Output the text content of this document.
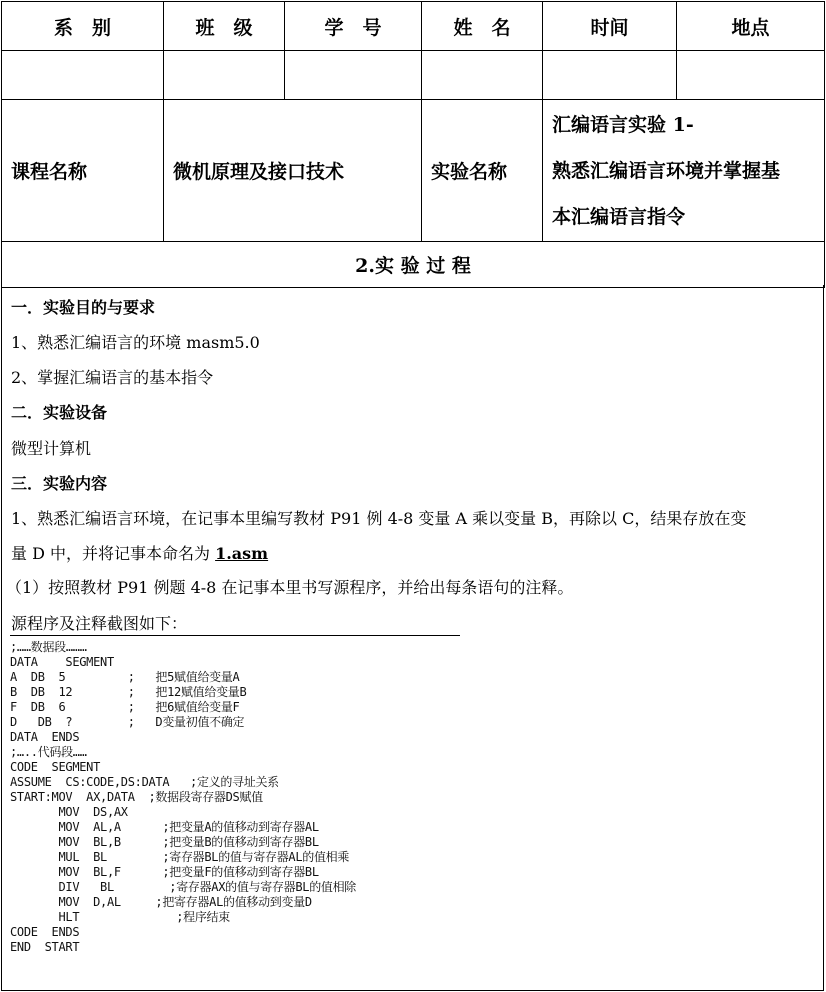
系　别	班　级	学　号	姓　名	时间	地点

课程名称	微机原理及接口技术		实验名称	汇编语言实验 1-
熟悉汇编语言环境并掌握基
本汇编语言指令	

2.实 验 过 程					
一．实验目的与要求
1、熟悉汇编语言的环境 masm5.0
2、掌握汇编语言的基本指令
二．实验设备
微型计算机
三．实验内容
1、熟悉汇编语言环境，在记事本里编写教材 P91 例 4-8 变量 A 乘以变量 B，再除以 C，结果存放在变
量 D 中，并将记事本命名为 1.asm
（1）按照教材 P91 例题 4-8 在记事本里书写源程序，并给出每条语句的注释。
源程序及注释截图如下：
;……数据段………
DATA    SEGMENT
A  DB  5         ;   把5赋值给变量A
B  DB  12        ;   把12赋值给变量B
F  DB  6         ;   把6赋值给变量F
D   DB  ?        ;   D变量初值不确定
DATA  ENDS
;…..代码段……
CODE  SEGMENT
ASSUME  CS:CODE,DS:DATA   ;定义的寻址关系
START:MOV  AX,DATA  ;数据段寄存器DS赋值
MOV  DS,AX
MOV  AL,A      ;把变量A的值移动到寄存器AL
MOV  BL,B      ;把变量B的值移动到寄存器BL
MUL  BL        ;寄存器BL的值与寄存器AL的值相乘
MOV  BL,F      ;把变量F的值移动到寄存器BL
DIV   BL        ;寄存器AX的值与寄存器BL的值相除
MOV  D,AL     ;把寄存器AL的值移动到变量D
HLT              ;程序结束
CODE  ENDS
END  START
